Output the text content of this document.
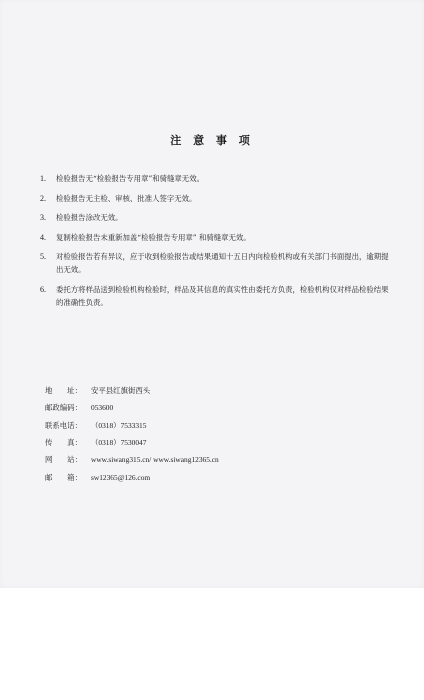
注 意 事 项
1.	检验报告无“检验报告专用章”和骑缝章无效。
2.	检验报告无主检、审核、批准人签字无效。
3.	检验报告涂改无效。
4.	复制检验报告未重新加盖“检验报告专用章” 和骑缝章无效。
5.	对检验报告若有异议，应于收到检验报告或结果通知十五日内向检验机构或有关部门书面提出，逾期提出无效。
6.	委托方将样品送到检验机构检验时，样品及其信息的真实性由委托方负责，检验机构仅对样品检验结果的准确性负责。
地　　址：	安平县红旗街西头
邮政编码：	053600
联系电话：	（0318）7533315
传　　真：	（0318）7530047
网　　站：	www.siwang315.cn/ www.siwang12365.cn
邮　　箱：	sw12365@126.com
